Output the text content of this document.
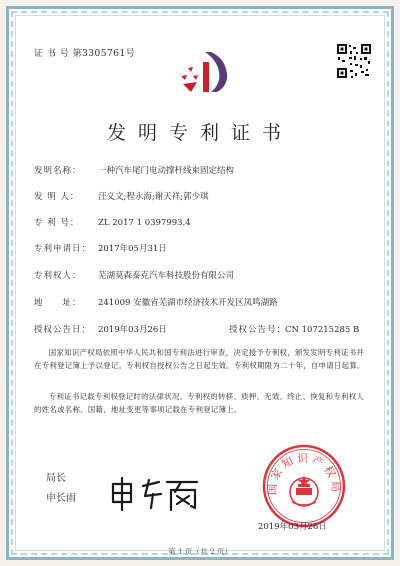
证 书 号 第3305761号
发明专利证书
发明名称： 一种汽车尾门电动撑杆线束固定结构
发 明 人： 汪义文;程永海;谢天祥;郭少琪
专 利 号： ZL 2017 1 0397993.4
专利申请日： 2017年05月31日
专利权人： 芜湖莫森泰克汽车科技股份有限公司
地　　址： 241009 安徽省芜湖市经济技术开发区凤鸣湖路
授权公告日： 2019年03月26日	授权公告号：
CN 107215285 B
国家知识产权局依照中华人民共和国专利法进行审查，决定授予专利权，颁发发明专利证书并在专利登记簿上予以登记。专利权自授权公告之日起生效。专利权期限为二十年，自申请日起算。
专利证书记载专利权登记时的法律状况。专利权的转移、质押、无效、终止、恢复和专利权人的姓名或名称、国籍、地址变更等事项记载在专利登记簿上。
局长
申长雨
国家知识产权局
2019年03月26日
第 1 页（共 2 页）
